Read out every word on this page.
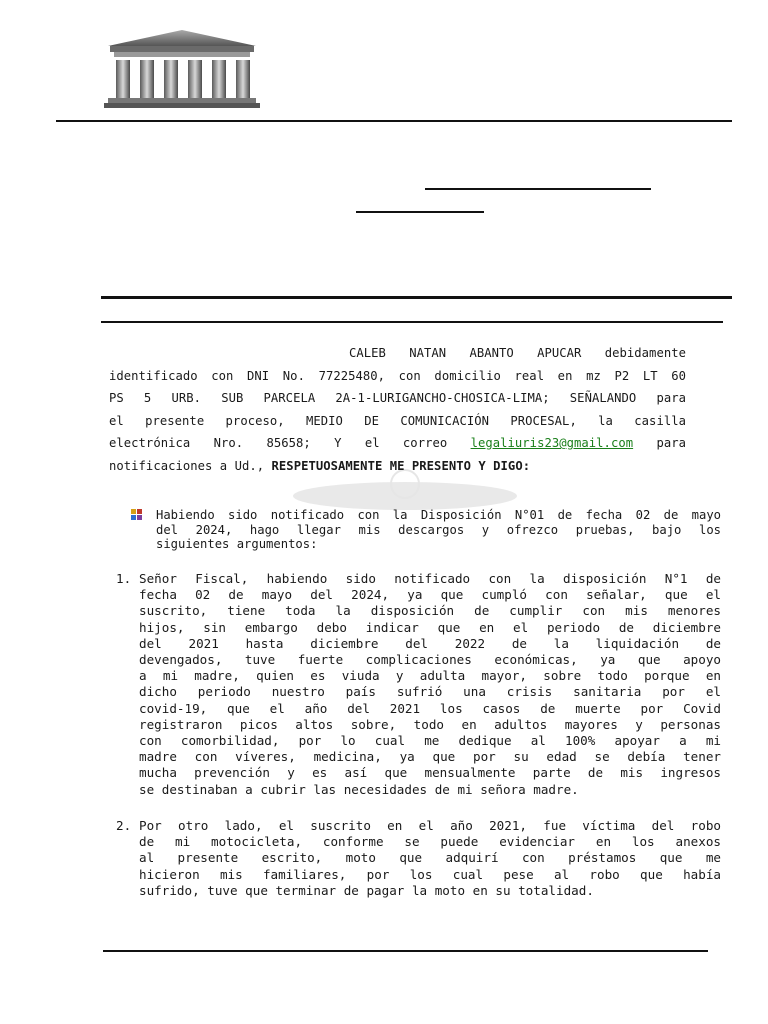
CALEB NATAN ABANTO APUCAR debidamente
identificado con DNI No. 77225480, con domicilio real en mz P2 LT 60
PS 5 URB. SUB PARCELA 2A-1-LURIGANCHO-CHOSICA-LIMA; SEÑALANDO para
el presente proceso, MEDIO DE COMUNICACIÓN PROCESAL, la casilla
electrónica Nro. 85658; Y el correo legaliuris23@gmail.com para
notificaciones a Ud., RESPETUOSAMENTE ME PRESENTO Y DIGO:
Habiendo sido notificado con la Disposición N°01 de fecha 02 de mayo
del 2024, hago llegar mis descargos y ofrezco pruebas, bajo los
siguientes argumentos:
1. Señor Fiscal, habiendo sido notificado con la disposición N°1 de
fecha 02 de mayo del 2024, ya que cumpló con señalar, que el
suscrito, tiene toda la disposición de cumplir con mis menores
hijos, sin embargo debo indicar que en el periodo de diciembre
del 2021 hasta diciembre del 2022 de la liquidación de
devengados, tuve fuerte complicaciones económicas, ya que apoyo
a mi madre, quien es viuda y adulta mayor, sobre todo porque en
dicho periodo nuestro país sufrió una crisis sanitaria por el
covid-19, que el año del 2021 los casos de muerte por Covid
registraron picos altos sobre, todo en adultos mayores y personas
con comorbilidad, por lo cual me dedique al 100% apoyar a mi
madre con víveres, medicina, ya que por su edad se debía tener
mucha prevención y es así que mensualmente parte de mis ingresos
se destinaban a cubrir las necesidades de mi señora madre.
2. Por otro lado, el suscrito en el año 2021, fue víctima del robo
de mi motocicleta, conforme se puede evidenciar en los anexos
al presente escrito, moto que adquirí con préstamos que me
hicieron mis familiares, por los cual pese al robo que había
sufrido, tuve que terminar de pagar la moto en su totalidad.
